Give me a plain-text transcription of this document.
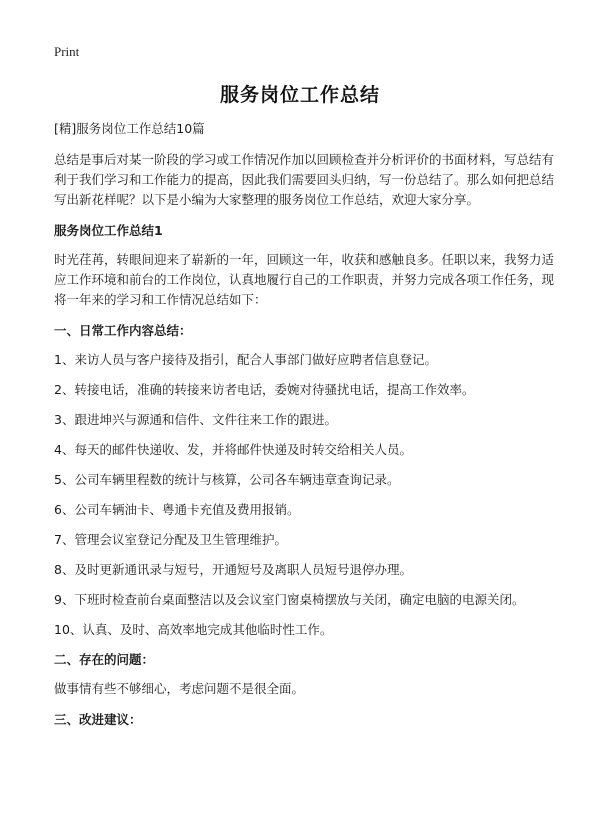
Print
服务岗位工作总结

[精]服务岗位工作总结10篇

总结是事后对某一阶段的学习或工作情况作加以回顾检查并分析评价的书面材料，写总结有利于我们学习和工作能力的提高，因此我们需要回头归纳，写一份总结了。那么如何把总结写出新花样呢？以下是小编为大家整理的服务岗位工作总结，欢迎大家分享。

服务岗位工作总结1

时光荏苒，转眼间迎来了崭新的一年，回顾这一年，收获和感触良多。任职以来，我努力适应工作环境和前台的工作岗位，认真地履行自己的工作职责，并努力完成各项工作任务，现将一年来的学习和工作情况总结如下：

一、日常工作内容总结：

1、来访人员与客户接待及指引，配合人事部门做好应聘者信息登记。

2、转接电话，准确的转接来访者电话，委婉对待骚扰电话，提高工作效率。

3、跟进坤兴与源通和信件、文件往来工作的跟进。

4、每天的邮件快递收、发，并将邮件快递及时转交给相关人员。

5、公司车辆里程数的统计与核算，公司各车辆违章查询记录。

6、公司车辆油卡、粤通卡充值及费用报销。

7、管理会议室登记分配及卫生管理维护。

8、及时更新通讯录与短号，开通短号及离职人员短号退停办理。

9、下班时检查前台桌面整洁以及会议室门窗桌椅摆放与关闭，确定电脑的电源关闭。

10、认真、及时、高效率地完成其他临时性工作。

二、存在的问题：

做事情有些不够细心，考虑问题不是很全面。

三、改进建议：
